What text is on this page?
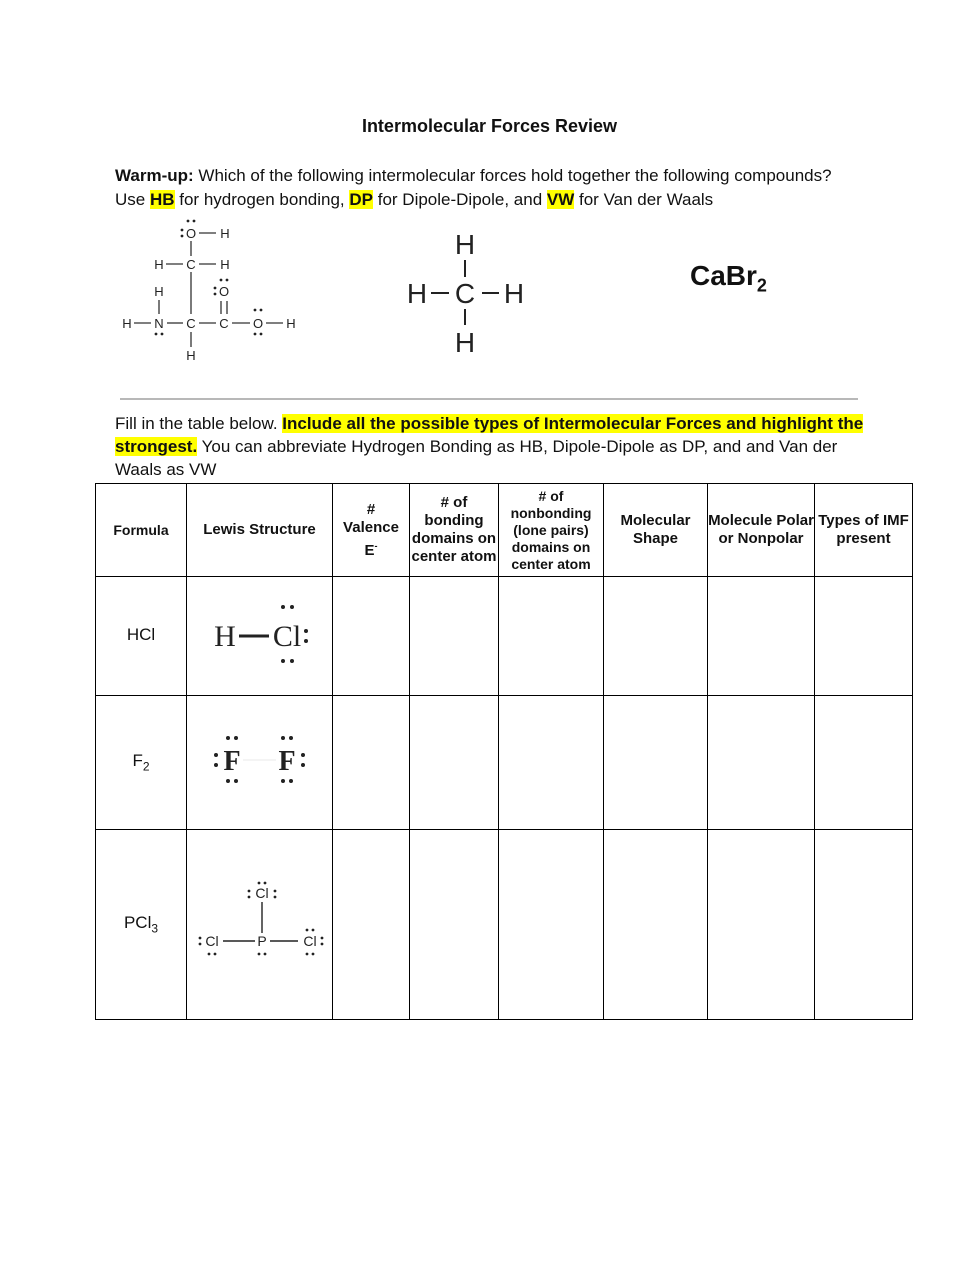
Intermolecular Forces Review
Warm-up: Which of the following intermolecular forces hold together the following compounds?
Use HB for hydrogen bonding, DP for Dipole-Dipole, and VW for Van der Waals
O H
H C H
H	O
H N C C O H
H
H
H C H
H
CaBr$_2$
Fill in the table below. Include all the possible types of Intermolecular Forces and highlight the strongest. You can abbreviate Hydrogen Bonding as HB, Dipole-Dipole as DP, and and Van der Waals as VW
Formula	Lewis Structure	#
Valence
E-	# of bonding domains on center atom	# of nonbonding (lone pairs) domains on center atom	Molecular Shape	Molecule Polar or Nonpolar	Types of IMF present
HCl	H Cl						

$F_2$	F F						

PCl$_3$	Cl
Cl P Cl						
